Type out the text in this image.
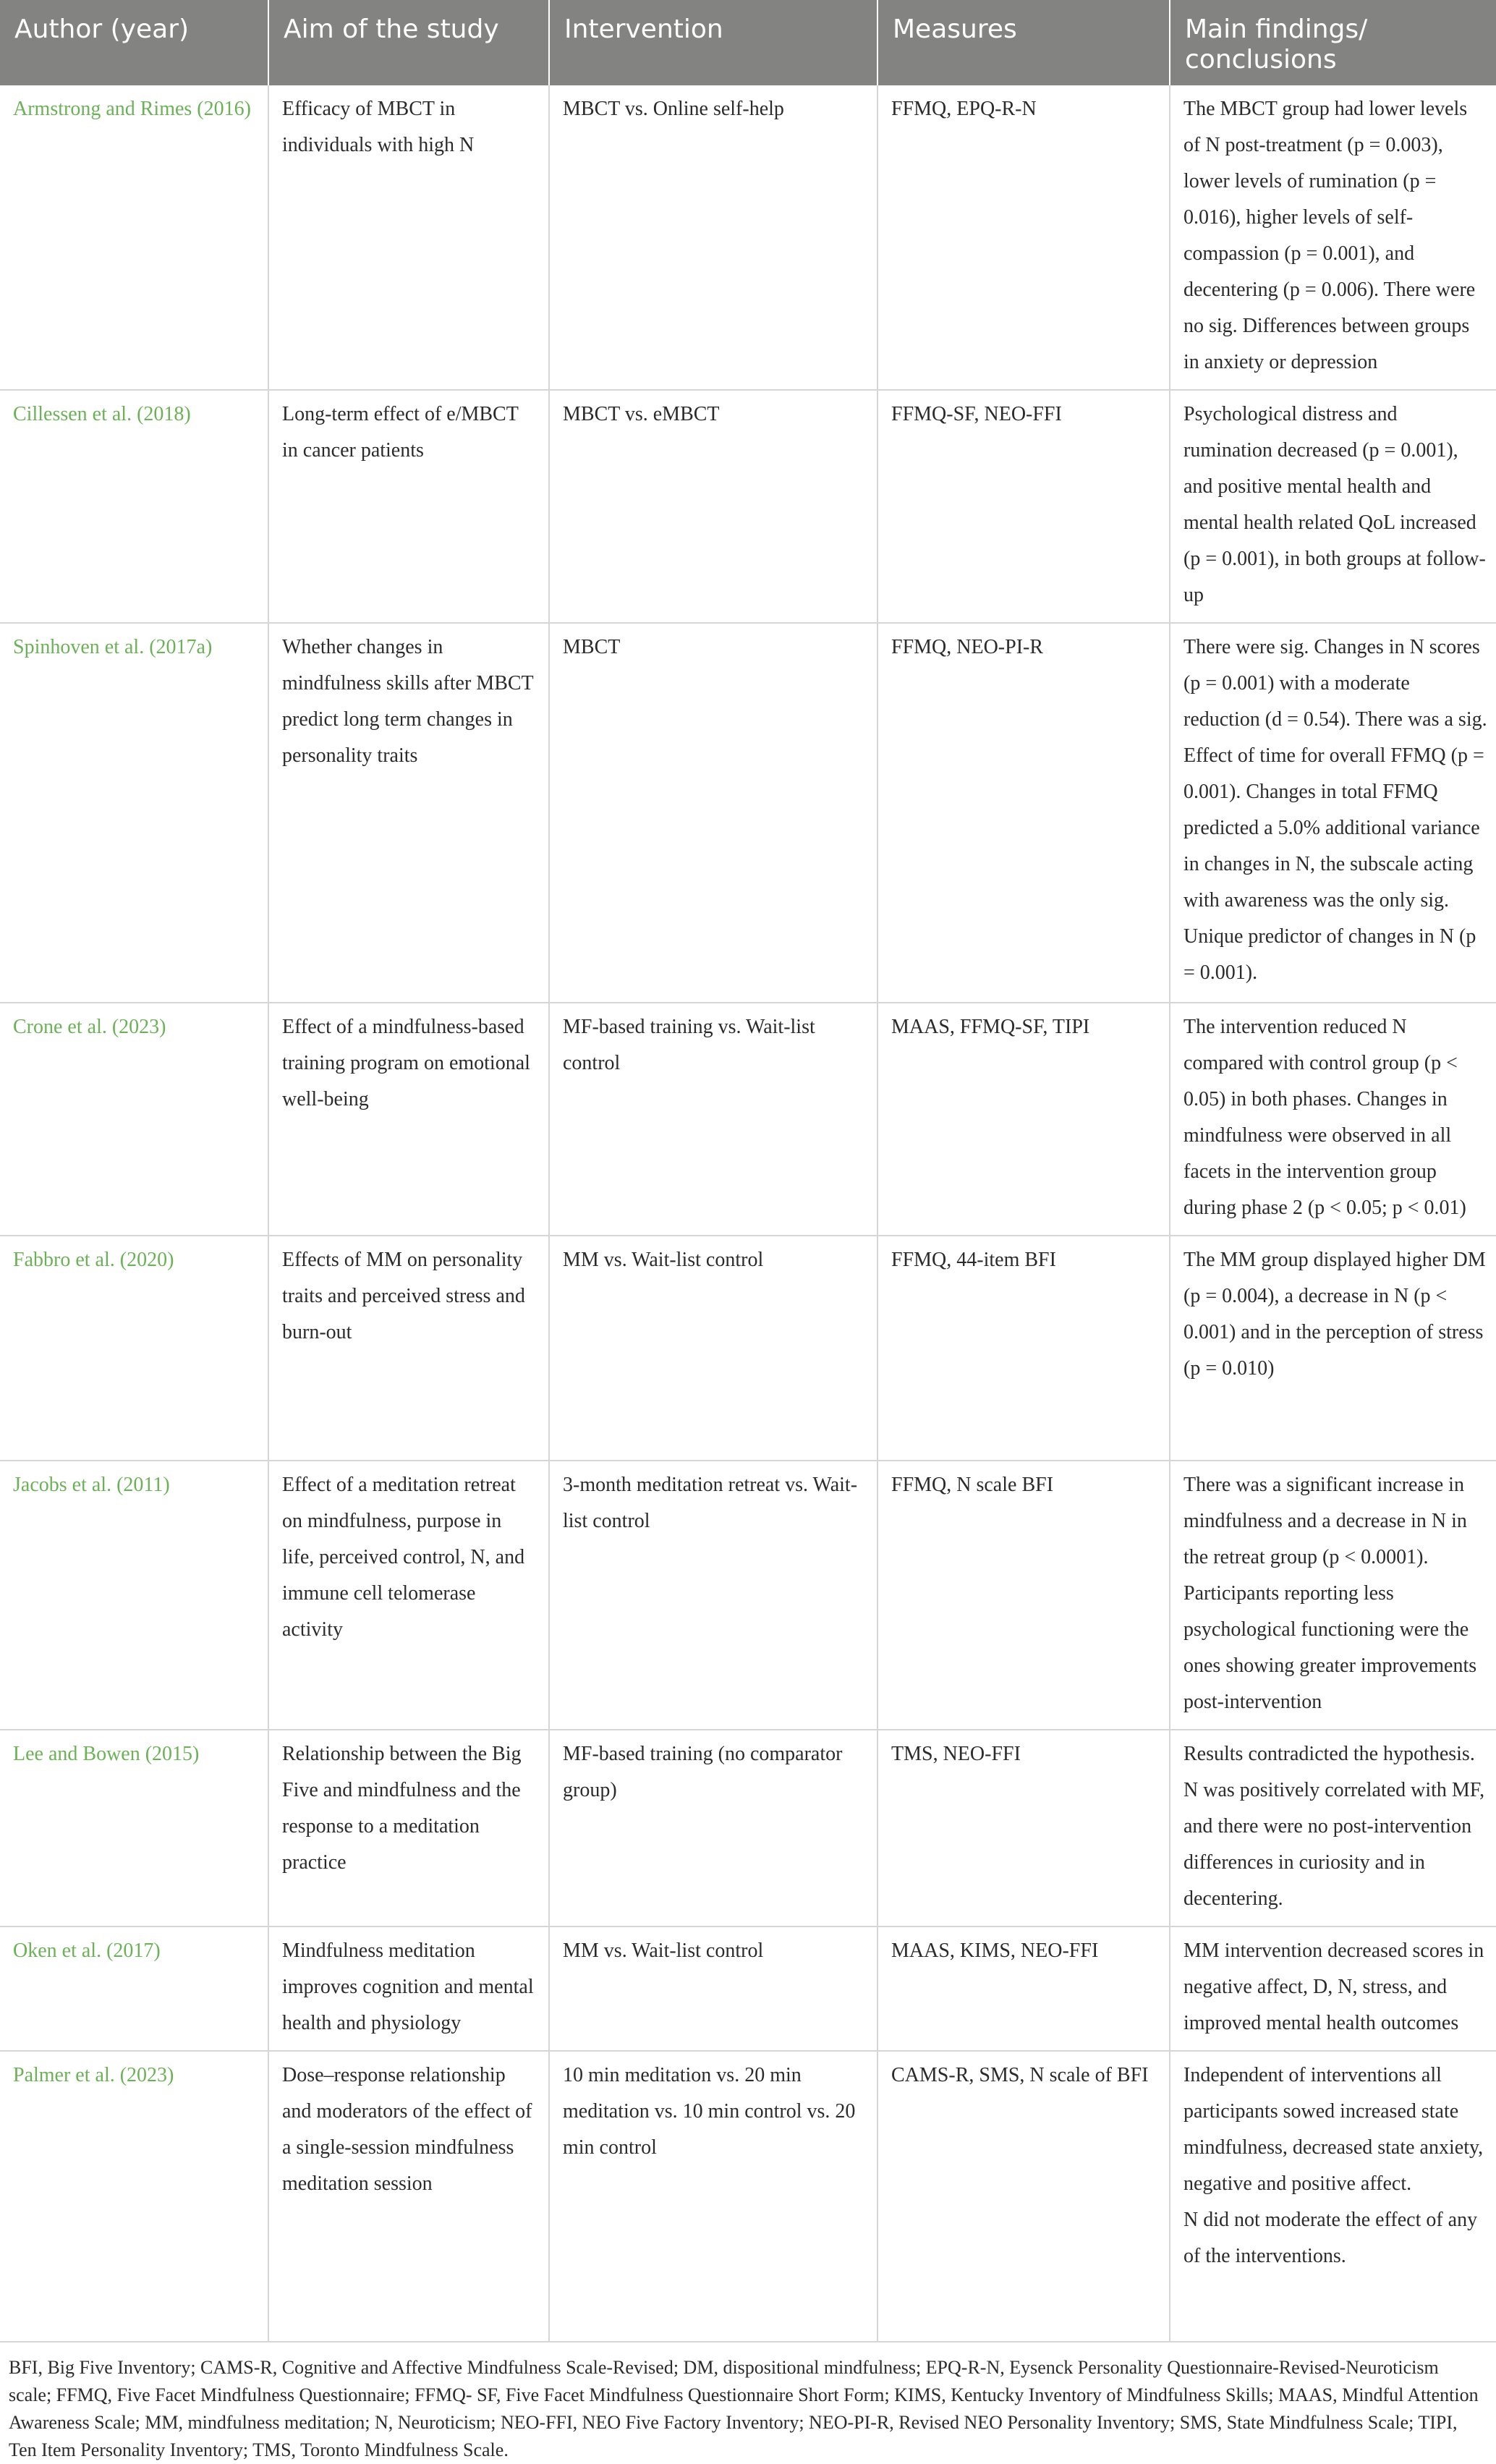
Author (year)	Aim of the study	Intervention	Measures	Main findings/ conclusions
Armstrong and Rimes (2016)	Efficacy of MBCT in individuals with high N	MBCT vs. Online self-help	FFMQ, EPQ-R-N	The MBCT group had lower levels of N post-treatment (p = 0.003), lower levels of rumination (p = 0.016), higher levels of self-compassion (p = 0.001), and decentering (p = 0.006). There were no sig. Differences between groups in anxiety or depression

Cillessen et al. (2018)	Long-term effect of e/MBCT in cancer patients	MBCT vs. eMBCT	FFMQ-SF, NEO-FFI	Psychological distress and rumination decreased (p = 0.001), and positive mental health and mental health related QoL increased (p = 0.001), in both groups at follow-up

Spinhoven et al. (2017a)	Whether changes in mindfulness skills after MBCT predict long term changes in personality traits	MBCT	FFMQ, NEO-PI-R	There were sig. Changes in N scores (p = 0.001) with a moderate reduction (d = 0.54). There was a sig. Effect of time for overall FFMQ (p = 0.001). Changes in total FFMQ predicted a 5.0% additional variance in changes in N, the subscale acting with awareness was the only sig. Unique predictor of changes in N (p = 0.001).

Crone et al. (2023)	Effect of a mindfulness-based training program on emotional well-being	MF-based training vs. Wait-list control	MAAS, FFMQ-SF, TIPI	The intervention reduced N compared with control group (p < 0.05) in both phases. Changes in mindfulness were observed in all facets in the intervention group during phase 2 (p < 0.05; p < 0.01)

Fabbro et al. (2020)	Effects of MM on personality traits and perceived stress and burn-out	MM vs. Wait-list control	FFMQ, 44-item BFI	The MM group displayed higher DM (p = 0.004), a decrease in N (p < 0.001) and in the perception of stress (p = 0.010)

Jacobs et al. (2011)	Effect of a meditation retreat on mindfulness, purpose in life, perceived control, N, and immune cell telomerase activity	3-month meditation retreat vs. Wait-list control	FFMQ, N scale BFI	There was a significant increase in mindfulness and a decrease in N in the retreat group (p < 0.0001). Participants reporting less psychological functioning were the ones showing greater improvements post-intervention

Lee and Bowen (2015)	Relationship between the Big Five and mindfulness and the response to a meditation practice	MF-based training (no comparator group)	TMS, NEO-FFI	Results contradicted the hypothesis. N was positively correlated with MF, and there were no post-intervention differences in curiosity and in decentering.

Oken et al. (2017)	Mindfulness meditation improves cognition and mental health and physiology	MM vs. Wait-list control	MAAS, KIMS, NEO-FFI	MM intervention decreased scores in negative affect, D, N, stress, and improved mental health outcomes

Palmer et al. (2023)	Dose–response relationship and moderators of the effect of a single-session mindfulness meditation session	10 min meditation vs. 20 min meditation vs. 10 min control vs. 20 min control	CAMS-R, SMS, N scale of BFI	Independent of interventions all participants sowed increased state mindfulness, decreased state anxiety, negative and positive affect.
N did not moderate the effect of any of the interventions.
BFI, Big Five Inventory; CAMS-R, Cognitive and Affective Mindfulness Scale-Revised; DM, dispositional mindfulness; EPQ-R-N, Eysenck Personality Questionnaire-Revised-Neuroticism scale; FFMQ, Five Facet Mindfulness Questionnaire; FFMQ- SF, Five Facet Mindfulness Questionnaire Short Form; KIMS, Kentucky Inventory of Mindfulness Skills; MAAS, Mindful Attention Awareness Scale; MM, mindfulness meditation; N, Neuroticism; NEO-FFI, NEO Five Factory Inventory; NEO-PI-R, Revised NEO Personality Inventory; SMS, State Mindfulness Scale; TIPI, Ten Item Personality Inventory; TMS, Toronto Mindfulness Scale.
